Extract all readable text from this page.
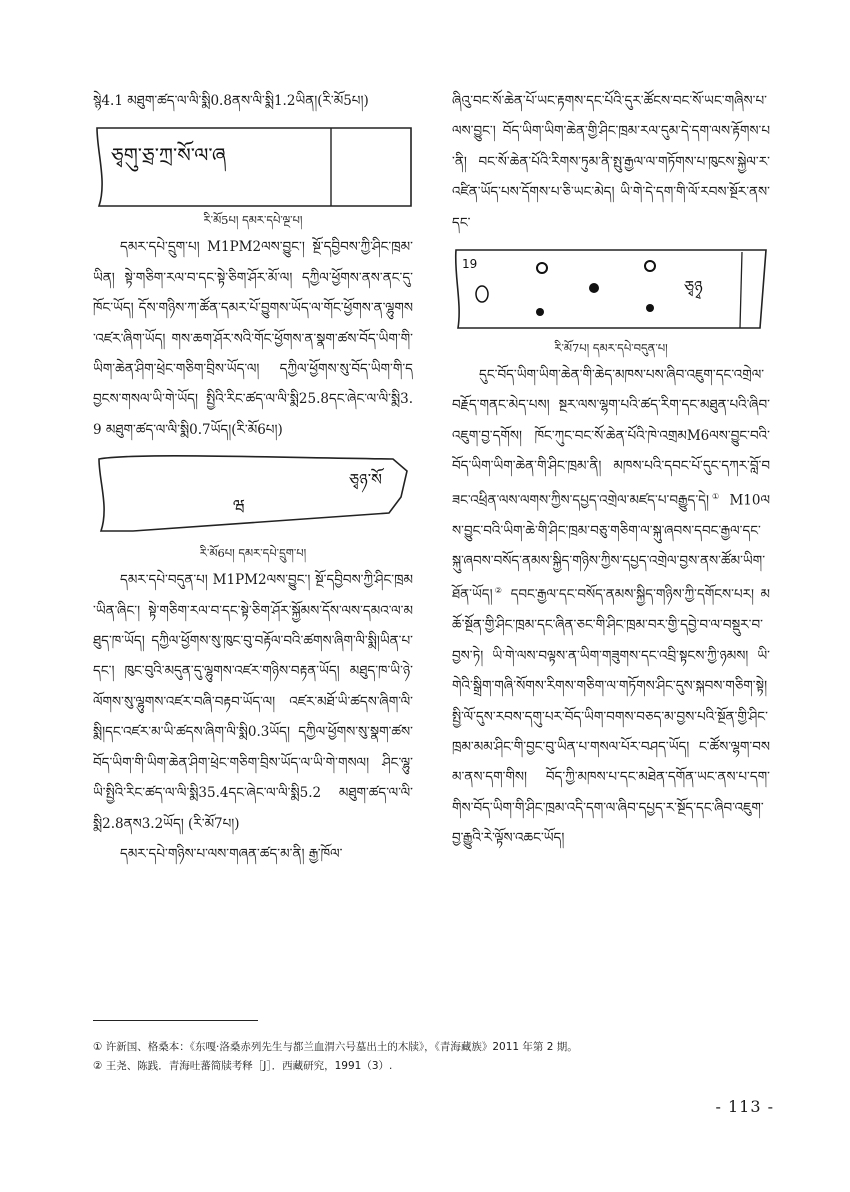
སྙེ4.1 མཐུག་ཚད་ལ་ལི་སྨི0.8ནས་ལི་སྨི1.2ཡིན།(རི་མོ5པ།)

ཅྭགུ་ཅྲ་ཀྲ་སོ་ལ་ཞ
རི་མོ5པ། དམར་དཔེ་ལྔ་པ།

དམར་དཔེ་དྲུག་པ། M1PM2ལས་བྱུང་། སྔོ་དབྱིབས་ཀྱི་ཤིང་ཁྲམ་ཡིན། སྟེ་གཅིག་རལ་བ་དང་སྟེ་ཅིག་ཤོར་མོ་ལ། དཀྱིལ་ཕྱོགས་ནས་ནང་དུ་ཁོང་ཡོད། དོས་གཉིས་ཀ་ཚོན་དམར་པོ་བྱུགས་ཡོད་ལ་གོང་ཕྱོགས་ན་ལྷུགས་འཛར་ཞིག་ཡོད། གས་ཆག་ཤོར་སའི་གོང་ཕྱོགས་ན་སྣག་ཚས་བོད་ཡིག་གི་ཡིག་ཆེན་ཤིག་ཕྲེང་གཅིག་བྲིས་ཡོད་ལ། དཀྱིལ་ཕྱོགས་སུ་བོད་ཡིག་གི་དབྱངས་གསལ་ཡི་གེ་ཡོད། སྤྱིའི་རིང་ཚད་ལ་ལི་སྨི25.8དང་ཞེང་ལ་ལི་སྨི3.9 མཐུག་ཚད་ལ་ལི་སྨི0.7ཡོད།(རི་མོ6པ།)

ཅྭཉ་སོ
ཝ
རི་མོ6པ། དམར་དཔེ་དྲུག་པ།

དམར་དཔེ་བདུན་པ། M1PM2ལས་བྱུང་། སྔོ་དབྱིབས་ཀྱི་ཤིང་ཁྲམ་ཡིན་ཞིང་། སྟེ་གཅིག་རལ་བ་དང་སྟེ་ཅིག་ཤོར་སྐྱོམས་དོས་ལས་དམའ་ལ་མཐུད་ཁ་ཡོད། དཀྱིལ་ཕྱོགས་སུ་ཁུང་བུ་བརྟོལ་བའི་ཚགས་ཞིག་ལི་སྨི།ཡིན་པ་དང་། ཁུང་བུའི་མདུན་དུ་ལྷུགས་འཛར་གཉིས་བརྟན་ཡོད། མཐུད་ཁ་ཡི་ཉེ་ལོགས་སུ་ལྷུགས་འཛར་བཞི་བརྟབ་ཡོད་ལ། འཛར་མཐོ་ཡི་ཚདས་ཞིག་ལི་སྨི།དང་འཛར་མ་ཡི་ཚདས་ཞིག་ལི་སྨི0.3ཡོད། དཀྱིལ་ཕྱོགས་སུ་སྣག་ཚས་བོད་ཡིག་གི་ཡིག་ཆེན་ཤིག་ཕྲེང་གཅིག་བྲིས་ཡོད་ལ་ཡི་གེ་གསལ། ཤིང་ལྷུ་ཡི་སྤྱིའི་རིང་ཚད་ལ་ལི་སྨི35.4དང་ཞེང་ལ་ལི་སྨི5.2 མཐུག་ཚད་ལ་ལི་སྨི2.8ནས3.2ཡོད། (རི་མོ7པ།)

དམར་དཔེ་གཉིས་པ་ལས་གཞན་ཚད་མ་ནི། རྒྱ་ཁོལ་

ཞིའུ་བང་སོ་ཆེན་པོ་ཡང་རྟགས་དང་པོའི་དུར་ཚོངས་བང་སོ་ཡང་གཞིས་པ་ལས་བྱུང་། བོད་ཡིག་ཡིག་ཆེན་གྱི་ཤིང་ཁྲམ་རལ་དུམ་དེ་དག་ལས་རྟོགས་པ་ནི། བང་སོ་ཆེན་པོའི་རིགས་ཏུམ་ནི་སྤུ་རྒྱལ་ལ་གཏོགས་པ་ཁུངས་སྐྱེལ་ར་འཛིན་ཡོད་པས་དོགས་པ་ཅི་ཡང་མེད། ཡི་གེ་དེ་དག་གི་ལོ་རབས་སྔོར་ནས་དང་

19
ཅྭཉྭ
རི་མོ7པ། དམར་དཔེ་བདུན་པ།

དུང་བོད་ཡིག་ཡིག་ཆེན་གི་ཆེད་མཁས་པས་ཞིབ་འཇུག་དང་འགྲེལ་བརྗོད་གནང་མེད་པས། སྔར་ལས་ལྷག་པའི་ཚད་རིག་དང་མཐུན་པའི་ཞིབ་འཇུག་བྱ་དགོས། ཁོང་ཀུང་བང་སོ་ཆེན་པོའི་ཁེ་འགྲམM6ལས་བྱུང་བའི་བོད་ཡིག་ཡིག་ཆེན་གི་ཤིང་ཁྲམ་ནི། མཁས་པའི་དབང་པོ་དུང་དཀར་བློ་བཟང་འཕྲིན་ལས་ལགས་ཀྱིས་དཔྱད་འགྲེལ་མཛད་པ་བརྒྱུད་དེ།① M10ལས་བྱུང་བའི་ཡིག་ཆེ་གི་ཤིང་ཁྲམ་བཅུ་གཅིག་ལ་སྐུ་ཞབས་དབང་རྒྱལ་དང་སྐུ་ཞབས་བསོད་ནམས་སྐྱིད་གཉིས་ཀྱིས་དཔྱད་འགྲེལ་བྱས་ནས་ཚོམ་ཡིག་ཐོན་ཡོད།② དབང་རྒྱལ་དང་བསོད་ནམས་སྐྱིད་གཉིས་ཀྱི་དགོངས་པར། མཆོ་སྔོན་གྱི་ཤིང་ཁྲམ་དང་ཞིན་ཅང་གི་ཤིང་ཁྲམ་བར་གྱི་དབྱེ་བ་ལ་བསྡུར་བ་བྱས་ཏེ། ཡི་གེ་ལས་བལྟས་ན་ཡིག་གཟུགས་དང་འབྲི་སྟངས་ཀྱི་ཉམས། ཡི་གེའི་སྒྲིག་གཞི་སོགས་རིགས་གཅིག་ལ་གཏོགས་ཤིང་དུས་སྐབས་གཅིག་སྟེ། སྤྱི་ལོ་དུས་རབས་དགུ་པར་བོད་ཡིག་བགས་བཅད་མ་བྱས་པའི་སྔོན་གྱི་ཤིང་ཁྲམ་མམ་ཤིང་གི་བྱང་བུ་ཡིན་པ་གསལ་པོར་བཤད་ཡོད། ང་ཚོས་ལྷག་བསམ་ནས་དག་གིས། བོད་ཀྱི་མཁས་པ་དང་མཐེན་དགོན་ཡང་ནས་པ་དག་གིས་བོད་ཡིག་གི་ཤིང་ཁྲམ་འདི་དག་ལ་ཞིབ་དཔྱད་ར་སྔོད་དང་ཞིབ་འཇུག་བྱ་རྒྱུའི་རེ་ལྟོས་འཆང་ཡོད།

① 许新国、格桑本：《东嘎·洛桑赤列先生与都兰血渭六号墓出土的木牍》，《青海藏族》2011 年第 2 期。
② 王尧、陈践．青海吐蕃简牍考释［J］．西藏研究，1991（3）.
- 113 -
